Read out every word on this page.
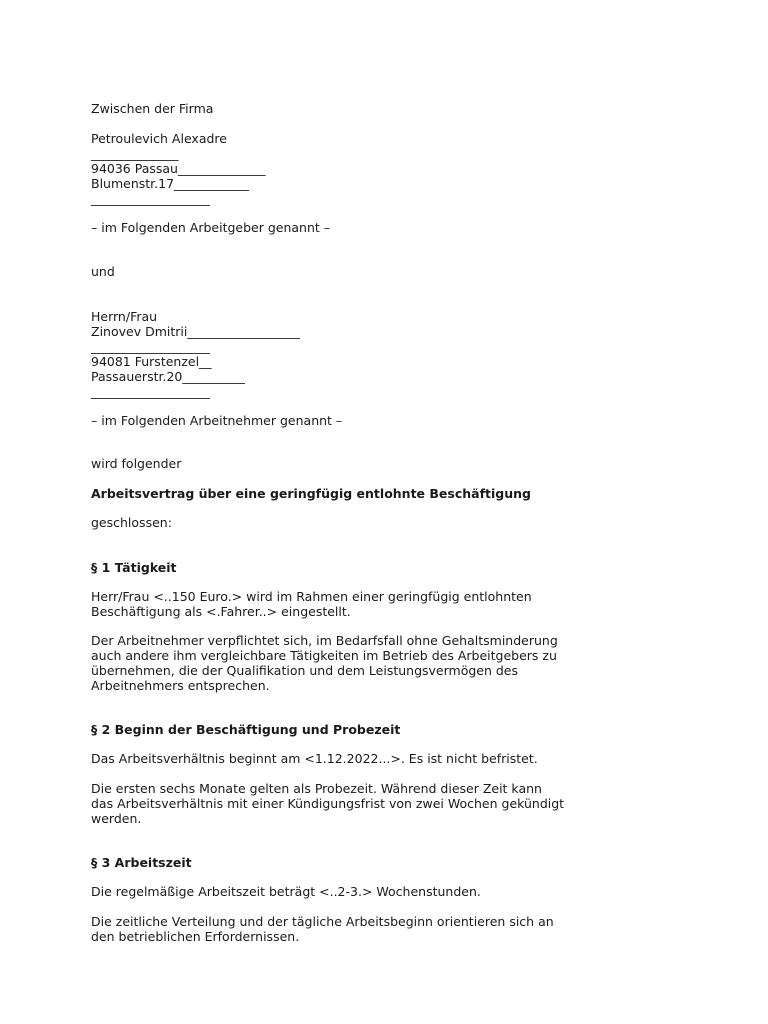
Zwischen der Firma
Petroulevich Alexadre
______________
94036 Passau______________
Blumenstr.17____________
___________________
– im Folgenden Arbeitgeber genannt –
und
Herrn/Frau
Zinovev Dmitrii__________________
___________________
94081 Furstenzel__
Passauerstr.20__________
___________________
– im Folgenden Arbeitnehmer genannt –
wird folgender
Arbeitsvertrag über eine geringfügig entlohnte Beschäftigung
geschlossen:
§ 1 Tätigkeit
Herr/Frau <..150 Euro.> wird im Rahmen einer geringfügig entlohnten
Beschäftigung als <.Fahrer..> eingestellt.
Der Arbeitnehmer verpflichtet sich, im Bedarfsfall ohne Gehaltsminderung
auch andere ihm vergleichbare Tätigkeiten im Betrieb des Arbeitgebers zu
übernehmen, die der Qualifikation und dem Leistungsvermögen des
Arbeitnehmers entsprechen.
§ 2 Beginn der Beschäftigung und Probezeit
Das Arbeitsverhältnis beginnt am <1.12.2022...>. Es ist nicht befristet.
Die ersten sechs Monate gelten als Probezeit. Während dieser Zeit kann
das Arbeitsverhältnis mit einer Kündigungsfrist von zwei Wochen gekündigt
werden.
§ 3 Arbeitszeit
Die regelmäßige Arbeitszeit beträgt <..2-3.> Wochenstunden.
Die zeitliche Verteilung und der tägliche Arbeitsbeginn orientieren sich an
den betrieblichen Erfordernissen.
